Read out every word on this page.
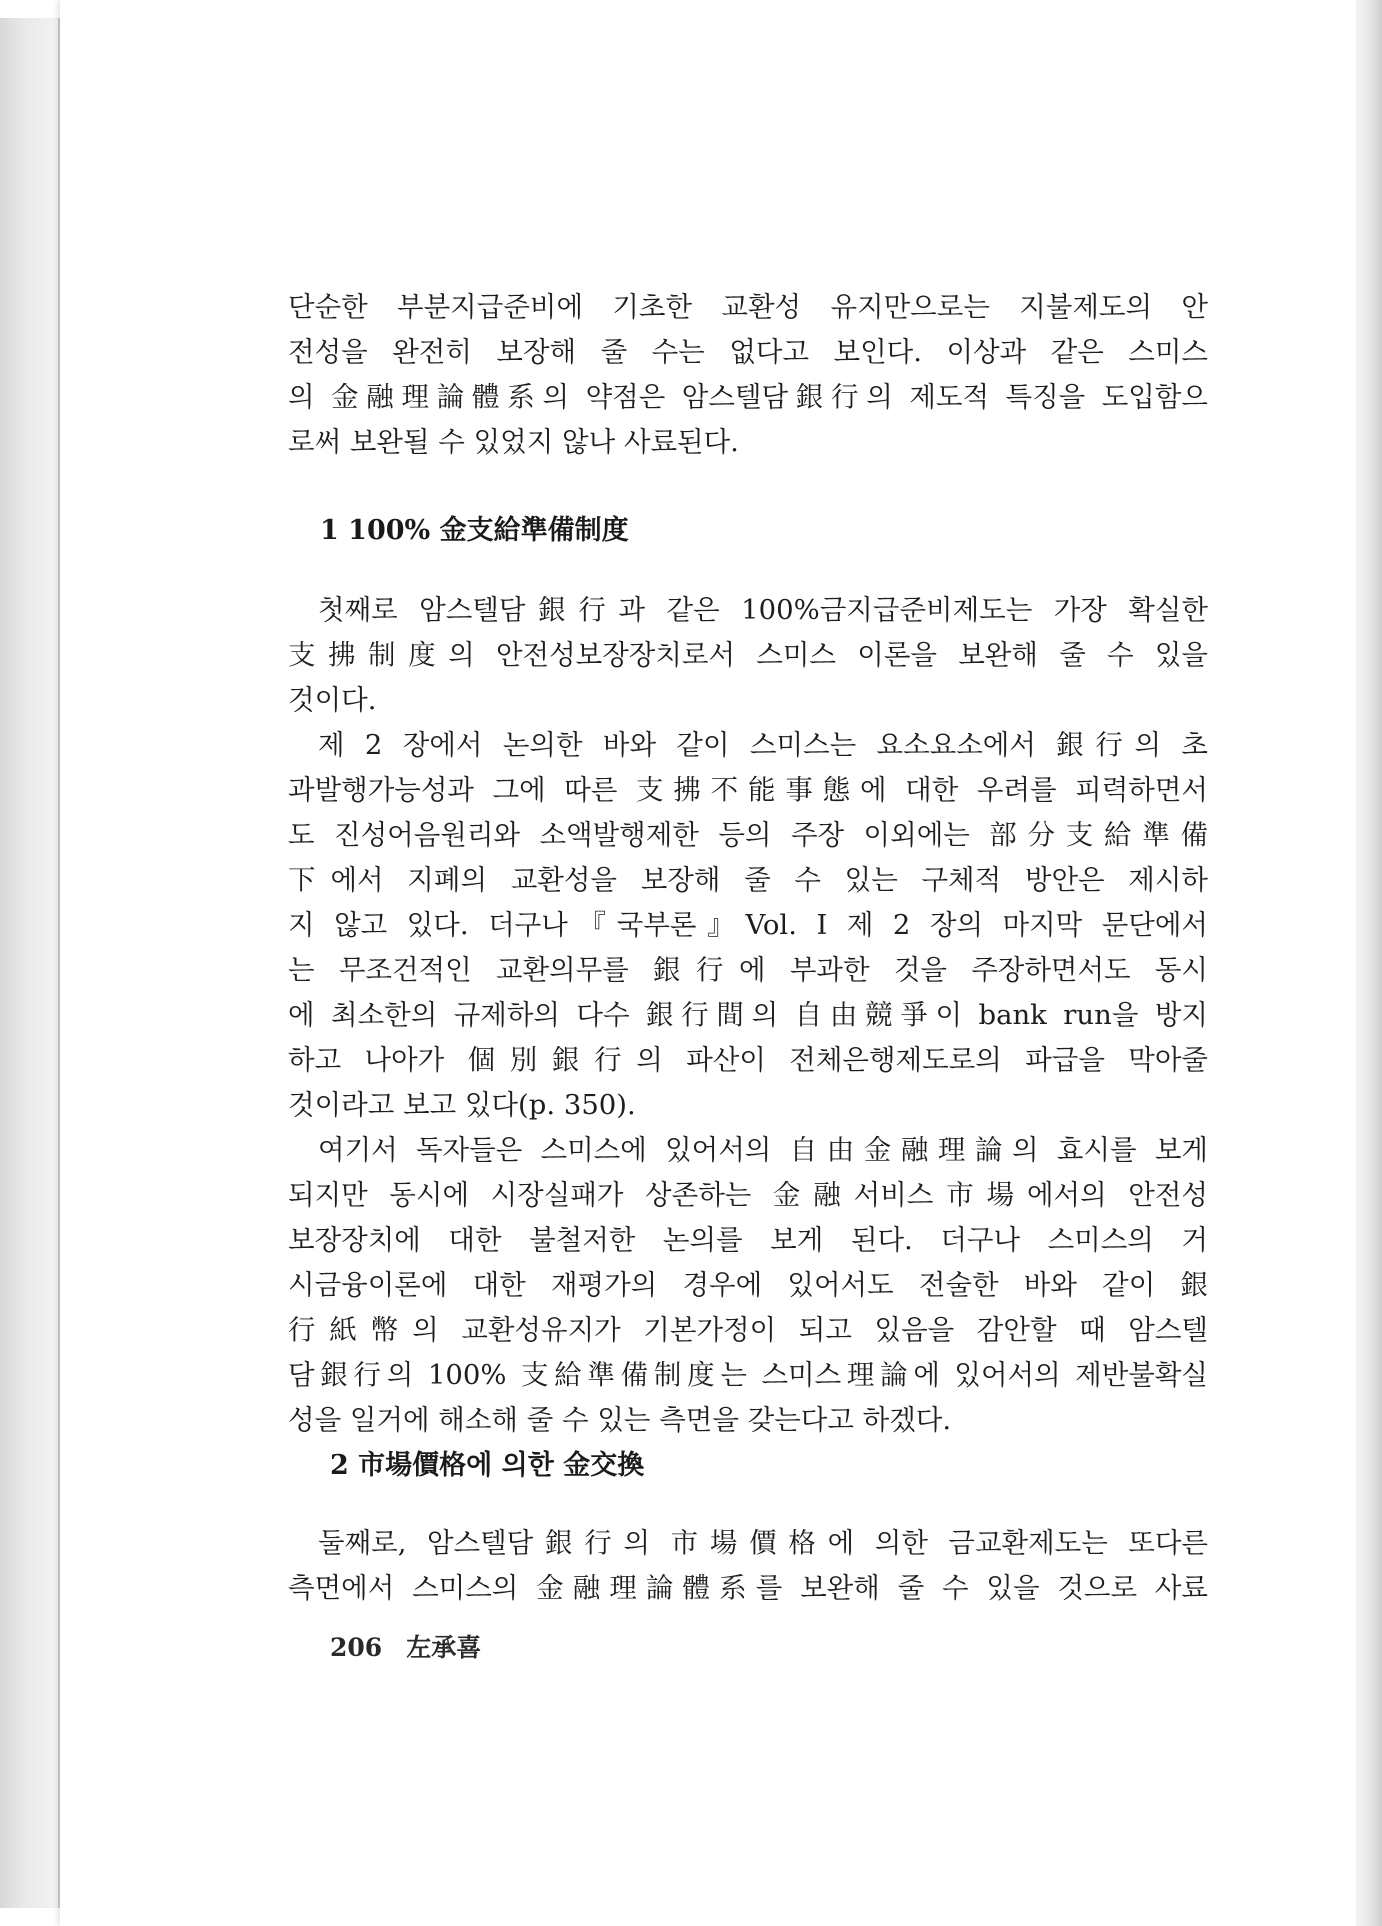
단순한 부분지급준비에 기초한 교환성 유지만으로는 지불제도의 안
전성을 완전히 보장해 줄 수는 없다고 보인다. 이상과 같은 스미스
의 金融理論體系의 약점은 암스텔담銀行의 제도적 특징을 도입함으
로써 보완될 수 있었지 않나 사료된다.
1 100% 金支給準備制度
첫째로 암스텔담銀行과 같은 100%금지급준비제도는 가장 확실한
支拂制度의 안전성보장장치로서 스미스 이론을 보완해 줄 수 있을
것이다.
제 2 장에서 논의한 바와 같이 스미스는 요소요소에서 銀行의 초
과발행가능성과 그에 따른 支拂不能事態에 대한 우려를 피력하면서
도 진성어음원리와 소액발행제한 등의 주장 이외에는 部分支給準備
下에서 지폐의 교환성을 보장해 줄 수 있는 구체적 방안은 제시하
지 않고 있다. 더구나『국부론』Vol. I 제 2 장의 마지막 문단에서
는 무조건적인 교환의무를 銀行에 부과한 것을 주장하면서도 동시
에 최소한의 규제하의 다수 銀行間의 自由競爭이 bank run을 방지
하고 나아가 個別銀行의 파산이 전체은행제도로의 파급을 막아줄
것이라고 보고 있다(p. 350).
여기서 독자들은 스미스에 있어서의 自由金融理論의 효시를 보게
되지만 동시에 시장실패가 상존하는 金融서비스市場에서의 안전성
보장장치에 대한 불철저한 논의를 보게 된다. 더구나 스미스의 거
시금융이론에 대한 재평가의 경우에 있어서도 전술한 바와 같이 銀
行紙幣의 교환성유지가 기본가정이 되고 있음을 감안할 때 암스텔
담銀行의 100% 支給準備制度는 스미스理論에 있어서의 제반불확실
성을 일거에 해소해 줄 수 있는 측면을 갖는다고 하겠다.
2 市場價格에 의한 金交換
둘째로, 암스텔담銀行의 市場價格에 의한 금교환제도는 또다른
측면에서 스미스의 金融理論體系를 보완해 줄 수 있을 것으로 사료
206 左承喜
